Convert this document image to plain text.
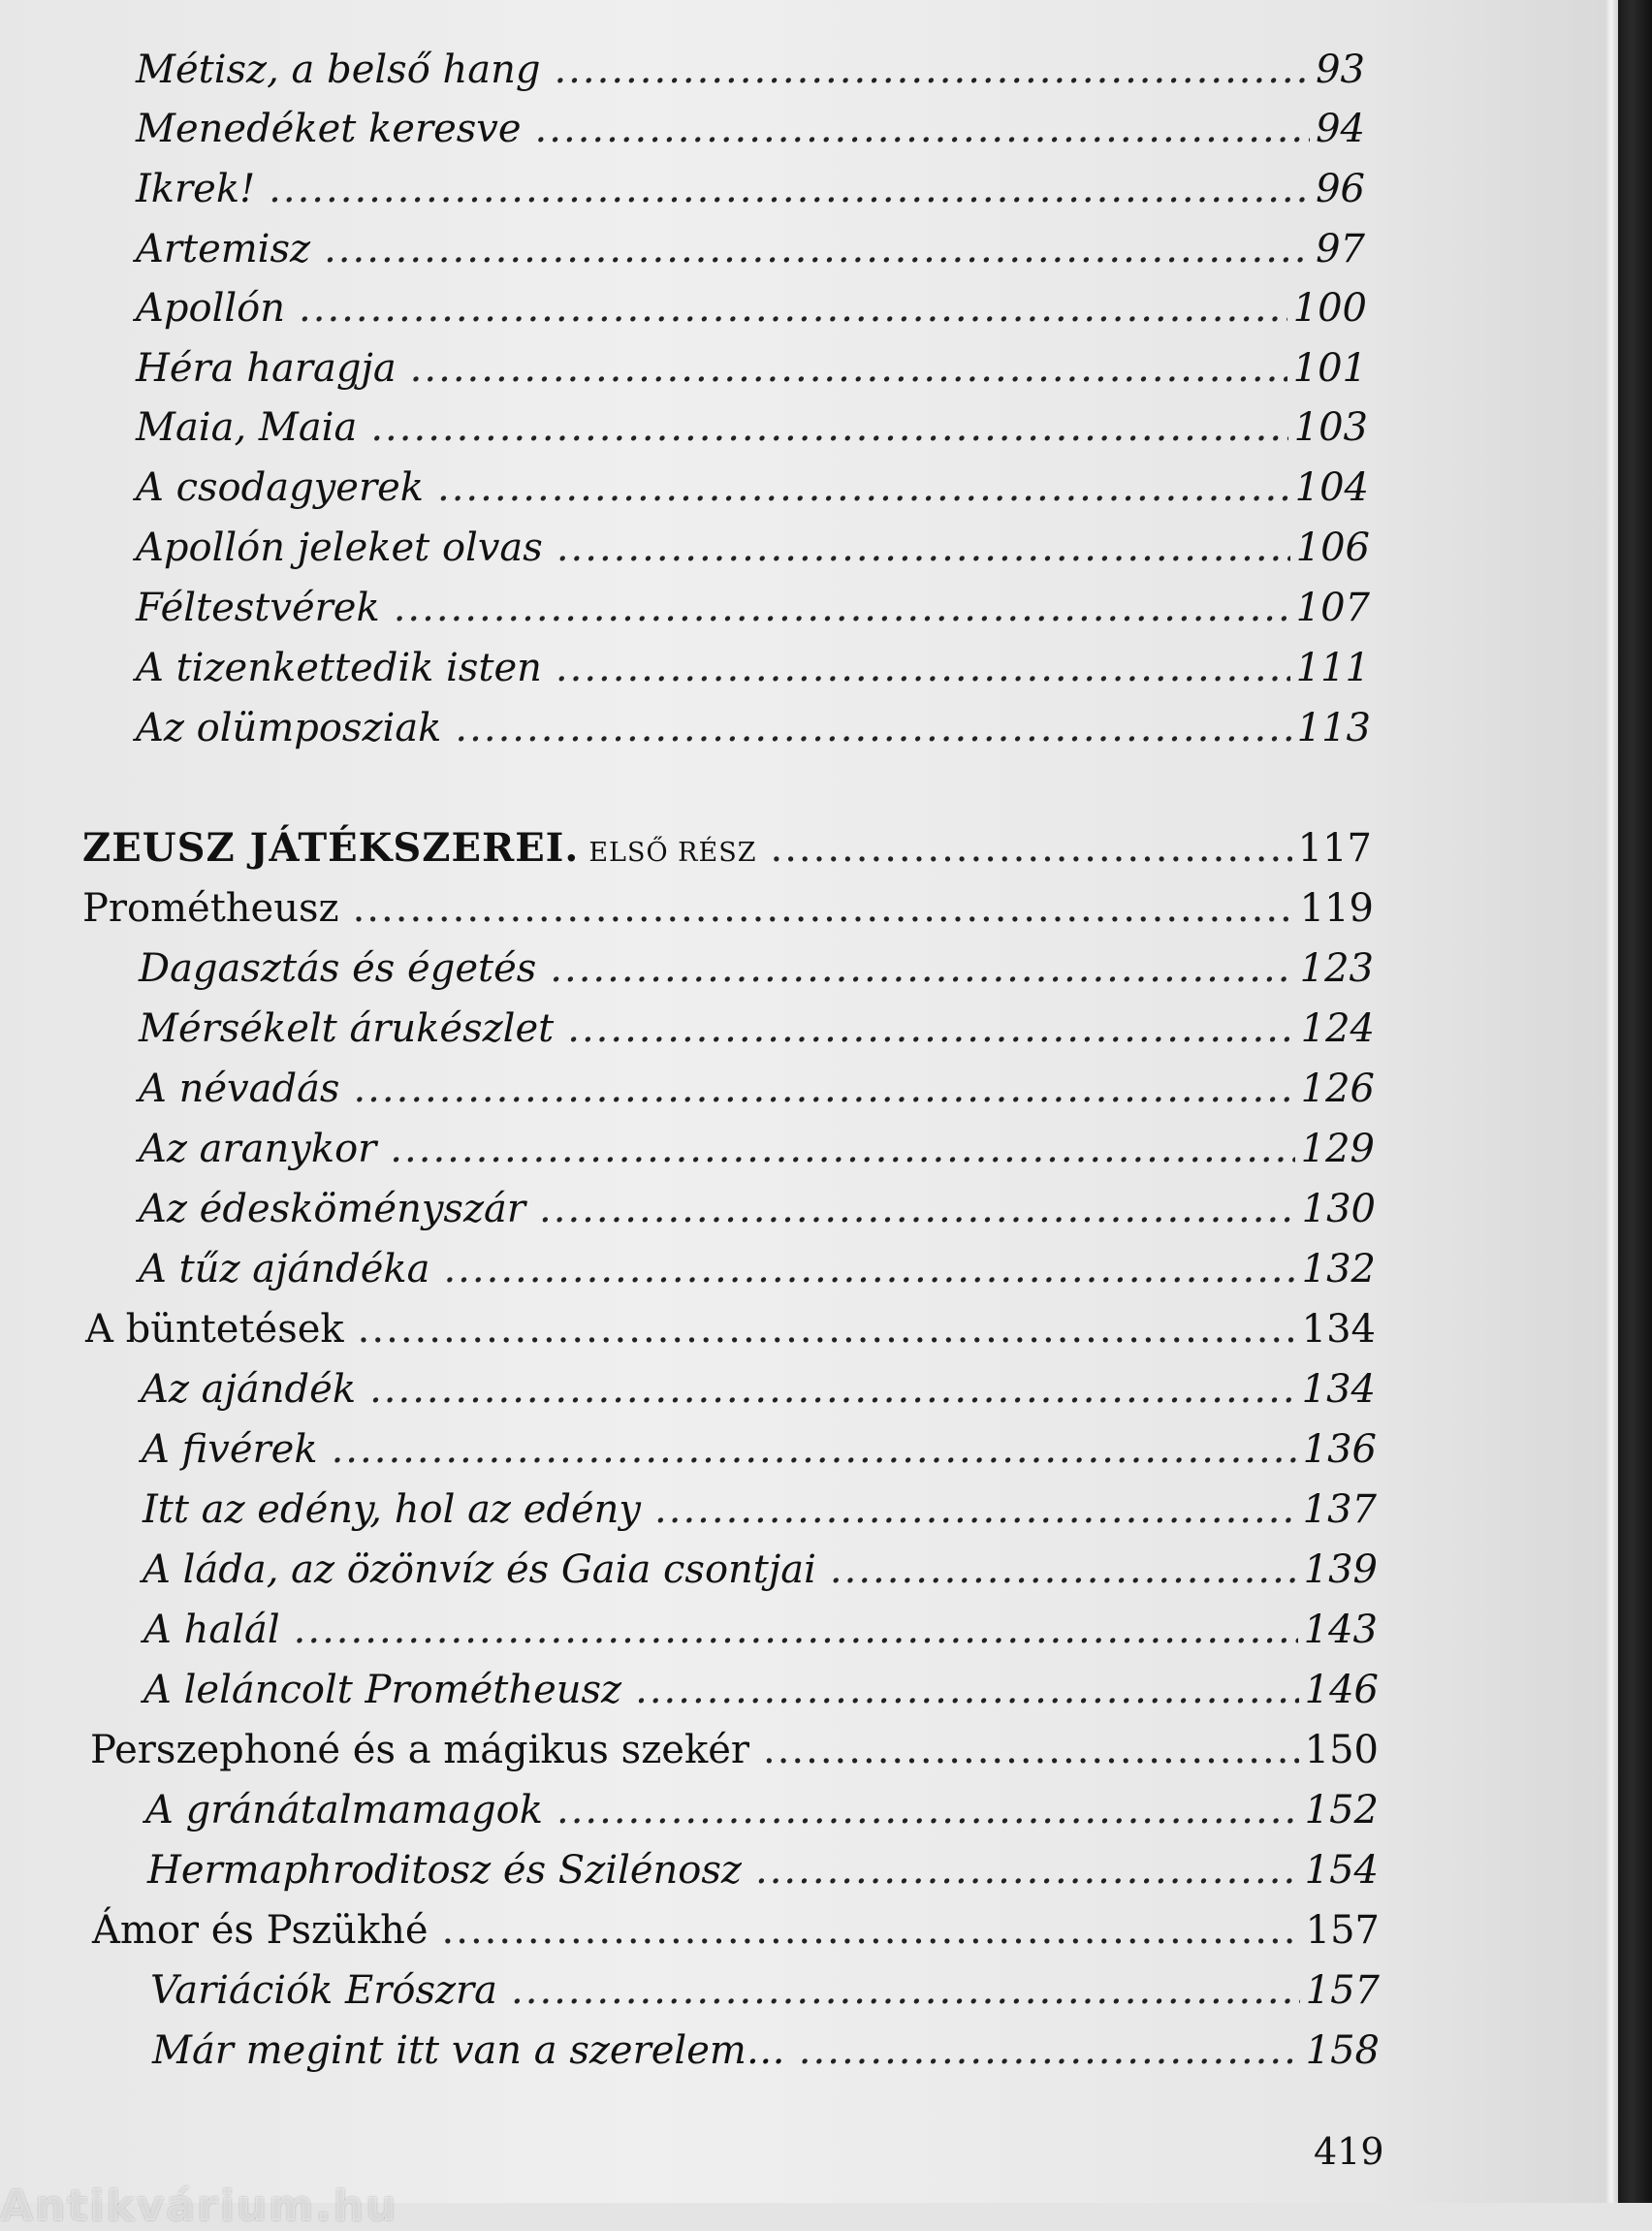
Métisz, a belső hang .....	93
Menedéket keresve .....	94
Ikrek! .....	96
Artemisz .....	97
Apollón .....	100
Héra haragja .....	101
Maia, Maia .....	103
A csodagyerek .....	104
Apollón jeleket olvas .....	106
Féltestvérek .....	107
A tizenkettedik isten .....	111
Az olümposziak .....	113
ZEUSZ JÁTÉKSZEREI. ELSŐ RÉSZ .....	117
Prométheusz .....	119
Dagasztás és égetés .....	123
Mérsékelt árukészlet .....	124
A névadás .....	126
Az aranykor .....	129
Az édesköményszár .....	130
A tűz ajándéka .....	132
A büntetések .....	134
Az ajándék .....	134
A fivérek .....	136
Itt az edény, hol az edény .....	137
A láda, az özönvíz és Gaia csontjai .....	139
A halál .....	143
A leláncolt Prométheusz .....	146
Perszephoné és a mágikus szekér .....	150
A gránátalmamagok .....	152
Hermaphroditosz és Szilénosz .....	154
Ámor és Pszükhé .....	157
Variációk Erószra .....	157
Már megint itt van a szerelem… .....	158
419
Antikvárium.hu
